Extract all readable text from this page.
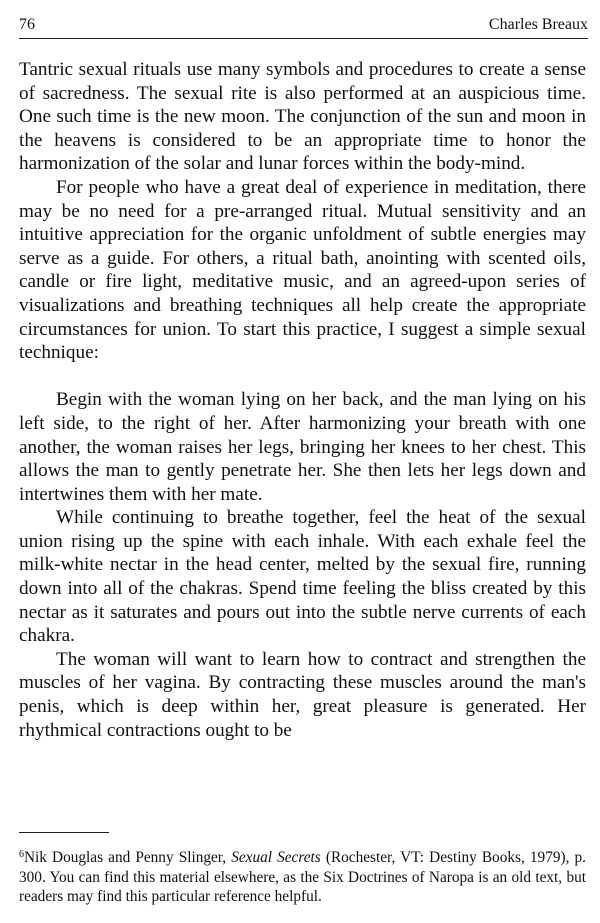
76	Charles Breaux

Tantric sexual rituals use many symbols and procedures to create a sense of sacredness. The sexual rite is also performed at an auspicious time. One such time is the new moon. The conjunction of the sun and moon in the heavens is considered to be an appropriate time to honor the harmonization of the solar and lunar forces within the body-mind.

For people who have a great deal of experience in meditation, there may be no need for a pre-arranged ritual. Mutual sensitivity and an intuitive appreciation for the organic unfoldment of subtle energies may serve as a guide. For others, a ritual bath, anointing with scented oils, candle or fire light, meditative music, and an agreed-upon series of visualizations and breathing techniques all help create the appropriate circumstances for union. To start this practice, I suggest a simple sexual technique:

Begin with the woman lying on her back, and the man lying on his left side, to the right of her. After harmonizing your breath with one another, the woman raises her legs, bringing her knees to her chest. This allows the man to gently penetrate her. She then lets her legs down and intertwines them with her mate.

While continuing to breathe together, feel the heat of the sexual union rising up the spine with each inhale. With each exhale feel the milk-white nectar in the head center, melted by the sexual fire, running down into all of the chakras. Spend time feeling the bliss created by this nectar as it saturates and pours out into the subtle nerve currents of each chakra.

The woman will want to learn how to contract and strengthen the muscles of her vagina. By contracting these muscles around the man's penis, which is deep within her, great pleasure is generated. Her rhythmical contractions ought to be

$^6$Nik Douglas and Penny Slinger, Sexual Secrets (Rochester, VT: Destiny Books, 1979), p. 300. You can find this material elsewhere, as the Six Doctrines of Naropa is an old text, but readers may find this particular reference helpful.
